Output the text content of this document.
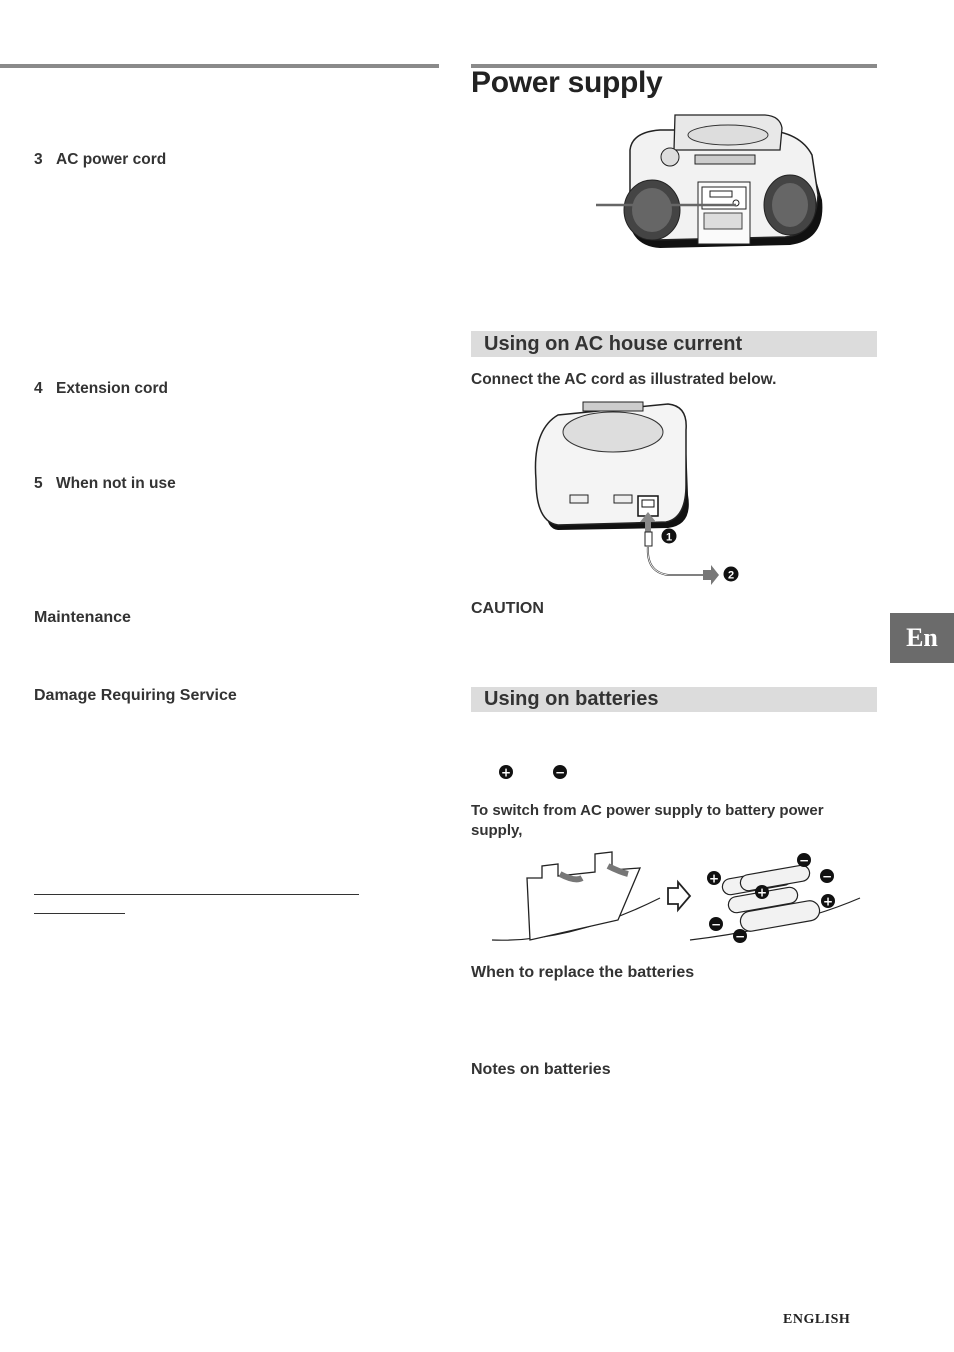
3 AC power cord
4 Extension cord
5 When not in use
Maintenance
Damage Requiring Service
Power supply
Using on AC house current
Connect the AC cord as illustrated below.
1
2
CAUTION
Using on batteries
+	−
To switch from AC power supply to battery power supply,
+
+
+
−
−
−
−
When to replace the batteries
Notes on batteries
En
ENGLISH
